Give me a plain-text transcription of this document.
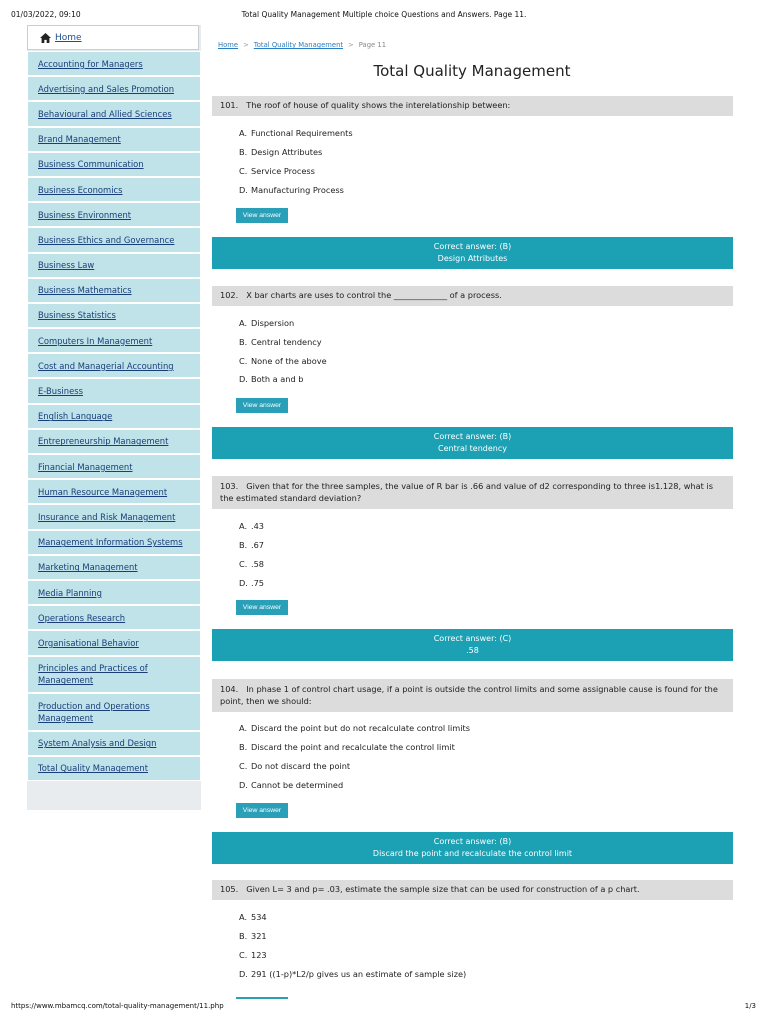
01/03/2022, 09:10	Total Quality Management Multiple choice Questions and Answers. Page 11.
Home
Accounting for Managers
Advertising and Sales Promotion
Behavioural and Allied Sciences
Brand Management
Business Communication
Business Economics
Business Environment
Business Ethics and Governance
Business Law
Business Mathematics
Business Statistics
Computers In Management
Cost and Managerial Accounting
E-Business
English Language
Entrepreneurship Management
Financial Management
Human Resource Management
Insurance and Risk Management
Management Information Systems
Marketing Management
Media Planning
Operations Research
Organisational Behavior
Principles and Practices of Management
Production and Operations Management
System Analysis and Design
Total Quality Management
Home > Total Quality Management > Page 11
Total Quality Management
101. The roof of house of quality shows the interelationship between:
A. Functional Requirements
B. Design Attributes
C. Service Process
D. Manufacturing Process
View answer
Correct answer: (B)
Design Attributes
102. X bar charts are uses to control the _____________ of a process.
A. Dispersion
B. Central tendency
C. None of the above
D. Both a and b
View answer
Correct answer: (B)
Central tendency
103. Given that for the three samples, the value of R bar is .66 and value of d2 corresponding to three is1.128, what is the estimated standard deviation?
A. .43
B. .67
C. .58
D. .75
View answer
Correct answer: (C)
.58
104. In phase 1 of control chart usage, if a point is outside the control limits and some assignable cause is found for the point, then we should:
A. Discard the point but do not recalculate control limits
B. Discard the point and recalculate the control limit
C. Do not discard the point
D. Cannot be determined
View answer
Correct answer: (B)
Discard the point and recalculate the control limit
105. Given L= 3 and p= .03, estimate the sample size that can be used for construction of a p chart.
A. 534
B. 321
C. 123
D. 291 ((1-p)*L2/p gives us an estimate of sample size)
https://www.mbamcq.com/total-quality-management/11.php	1/3
